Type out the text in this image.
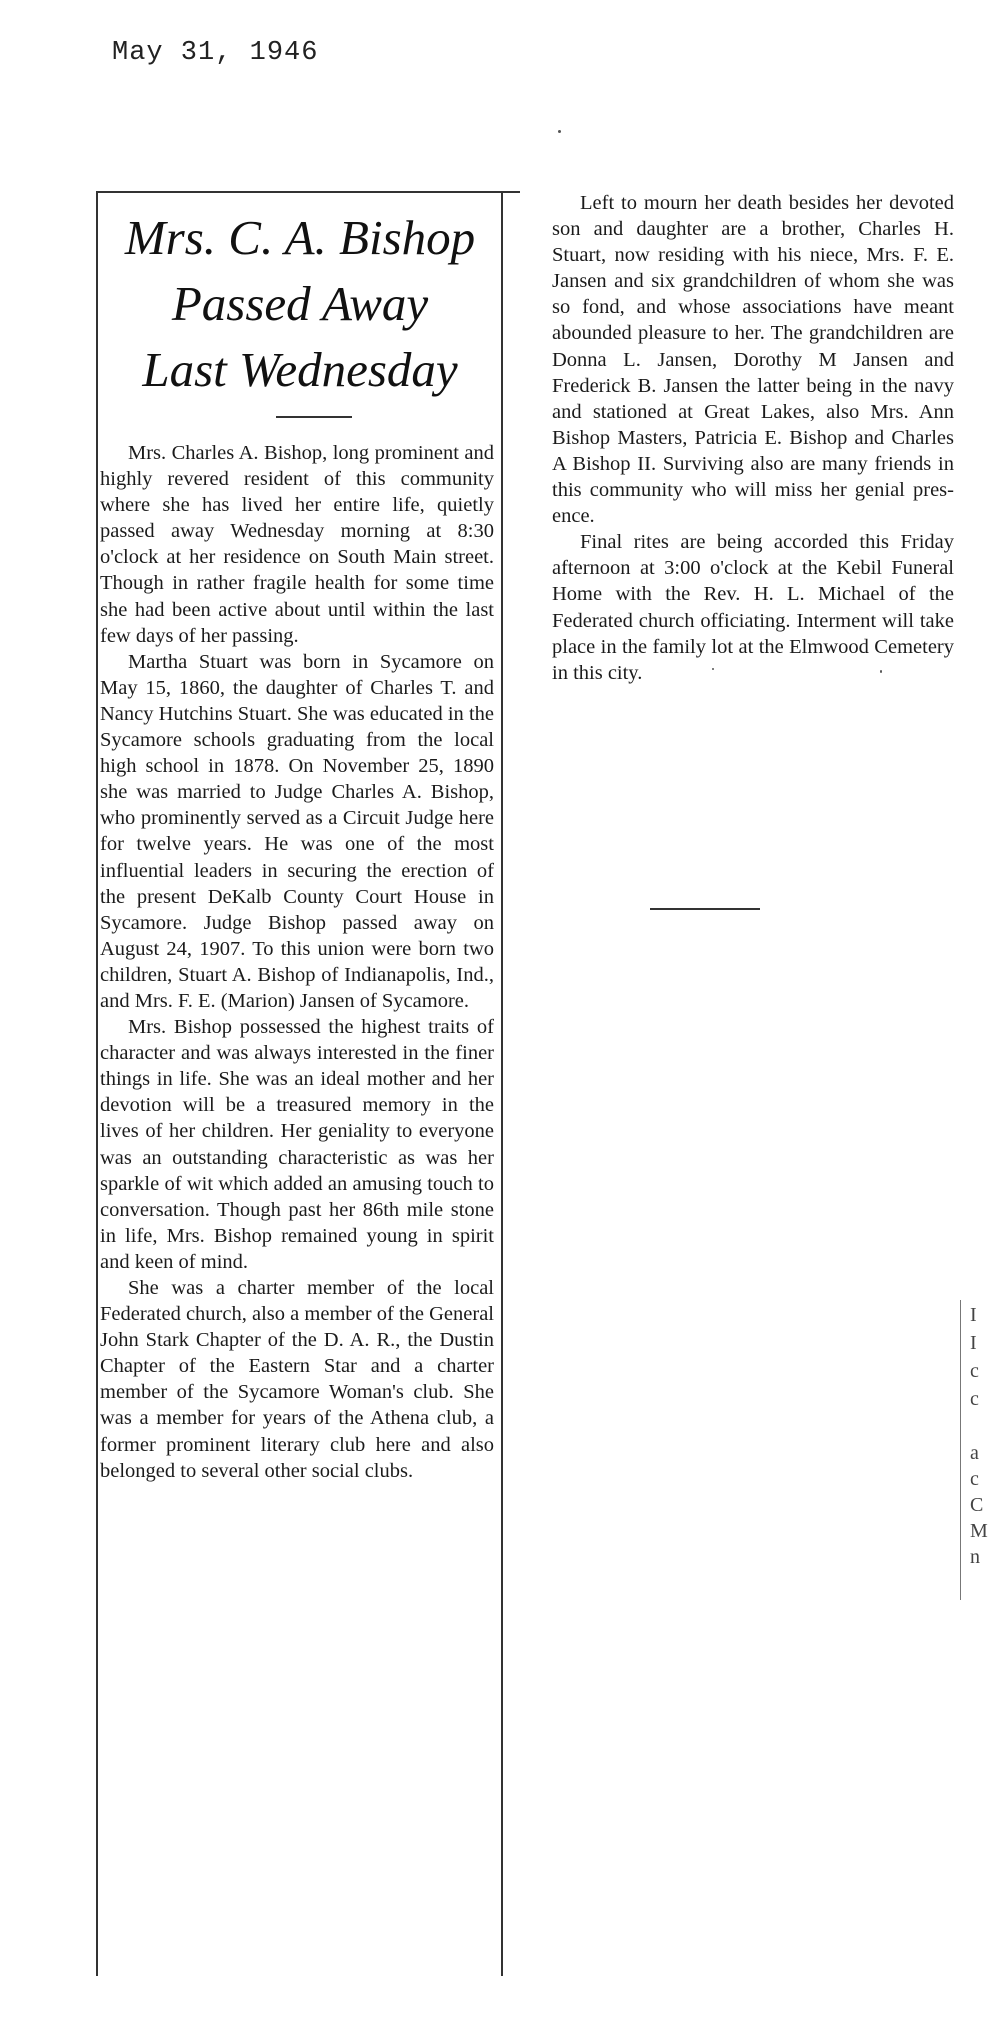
May 31, 1946
Mrs. C. A. Bishop
Passed Away
Last Wednesday

Mrs. Charles A. Bishop, long prominent and highly revered resident of this community where she has lived her entire life, quietly passed away Wednesday morning at 8:30 o'clock at her residence on South Main street. Though in rather fragile health for some time she had been active about until within the last few days of her passing.

Martha Stuart was born in Sycamore on May 15, 1860, the daughter of Charles T. and Nancy Hutchins Stuart. She was educated in the Sycamore schools graduating from the local high school in 1878. On November 25, 1890 she was married to Judge Charles A. Bishop, who prominently served as a Circuit Judge here for twelve years. He was one of the most influential leaders in securing the erection of the present DeKalb County Court House in Sycamore. Judge Bishop passed away on August 24, 1907. To this union were born two children, Stuart A. Bishop of Indianapolis, Ind., and Mrs. F. E. (Marion) Jansen of Sycamore.

Mrs. Bishop possessed the highest traits of character and was always interested in the finer things in life. She was an ideal mother and her devotion will be a treasured memory in the lives of her children. Her geniality to everyone was an outstanding characteristic as was her sparkle of wit which added an amusing touch to conversation. Though past her 86th mile stone in life, Mrs. Bishop remained young in spirit and keen of mind.

She was a charter member of the local Federated church, also a member of the General John Stark Chapter of the D. A. R., the Dustin Chapter of the Eastern Star and a charter member of the Sycamore Woman's club. She was a member for years of the Athena club, a former prominent literary club here and also belonged to several other social clubs.

Left to mourn her death besides her devoted son and daughter are a brother, Charles H. Stuart, now residing with his niece, Mrs. F. E. Jansen and six grandchildren of whom she was so fond, and whose associations have meant abounded pleasure to her. The grandchildren are Donna L. Jansen, Dorothy M Jansen and Frederick B. Jansen the latter being in the navy and stationed at Great Lakes, also Mrs. Ann Bishop Masters, Patricia E. Bishop and Charles A Bishop II. Surviving also are many friends in this community who will miss her genial presence.

Final rites are being accorded this Friday afternoon at 3:00 o'clock at the Kebil Funeral Home with the Rev. H. L. Michael of the Federated church officiating. Interment will take place in the family lot at the Elmwood Cemetery in this city.

I
I
c
c
a
c
C
M
n
